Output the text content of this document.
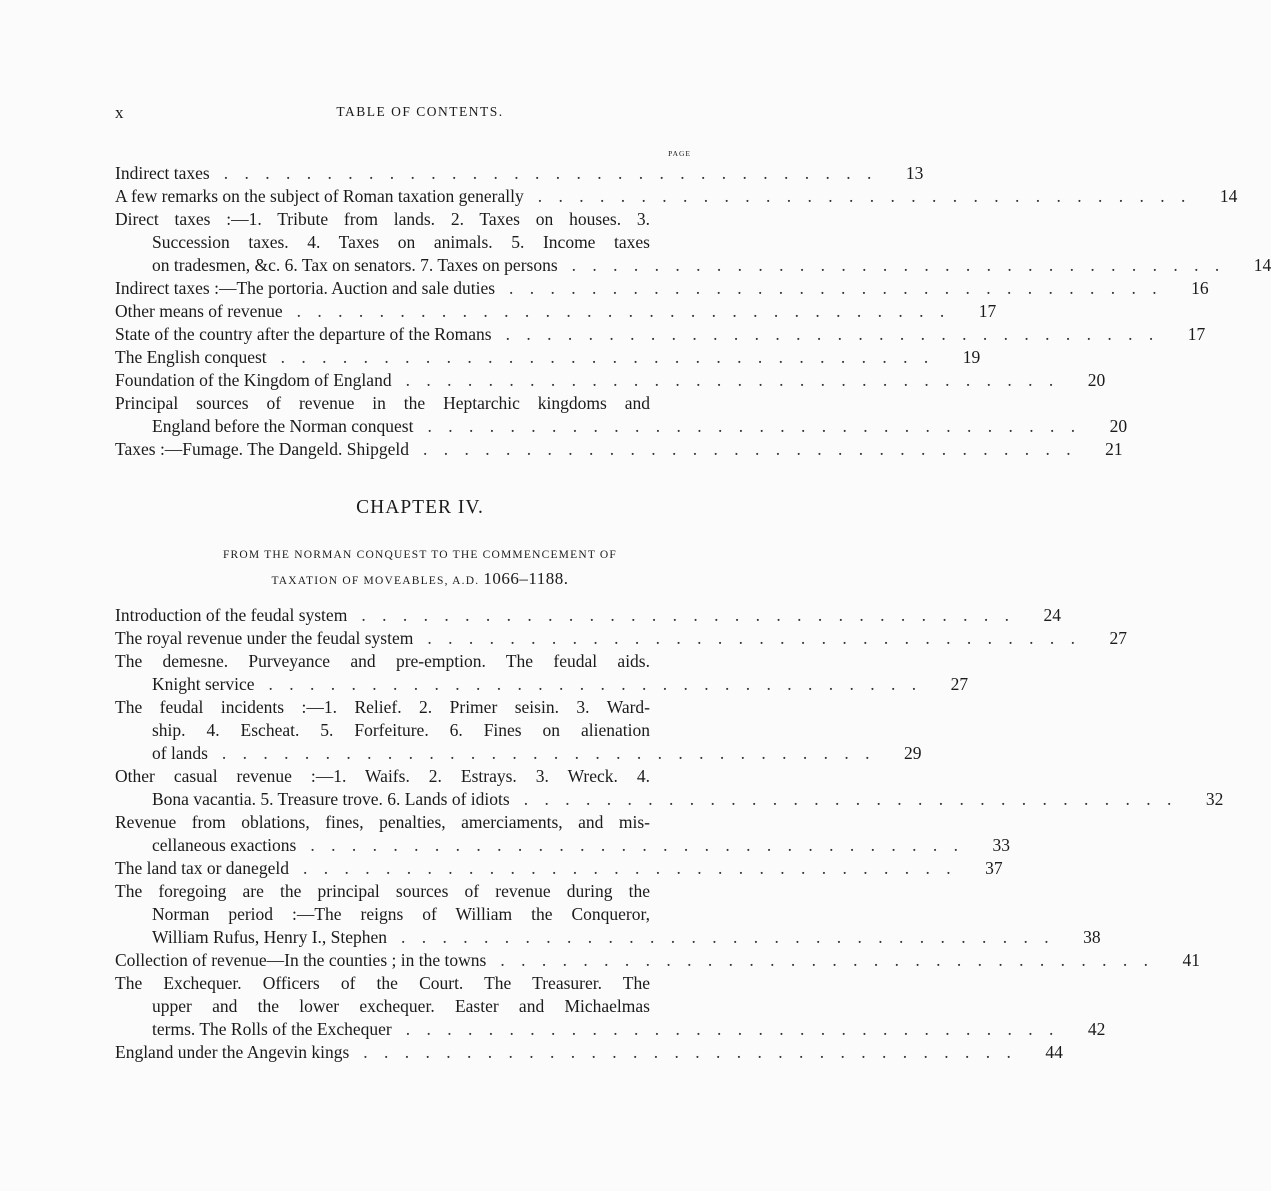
x	TABLE OF CONTENTS.
PAGE
Indirect taxes . . . . . . . . . . . . . . . . . . . . . . . . . . . . . . . .	13
A few remarks on the subject of Roman taxation generally . . . . . . . . . . . . . . . . . . . . . . . . . . . . . . . .	14
Direct taxes :—1. Tribute from lands. 2. Taxes on houses. 3.
Succession taxes. 4. Taxes on animals. 5. Income taxes
on tradesmen, &c. 6. Tax on senators. 7. Taxes on persons . . . . . . . . . . . . . . . . . . . . . . . . . . . . . . . .	14
Indirect taxes :—The portoria. Auction and sale duties . . . . . . . . . . . . . . . . . . . . . . . . . . . . . . . .	16
Other means of revenue . . . . . . . . . . . . . . . . . . . . . . . . . . . . . . . .	17
State of the country after the departure of the Romans . . . . . . . . . . . . . . . . . . . . . . . . . . . . . . . .	17
The English conquest . . . . . . . . . . . . . . . . . . . . . . . . . . . . . . . .	19
Foundation of the Kingdom of England . . . . . . . . . . . . . . . . . . . . . . . . . . . . . . . .	20
Principal sources of revenue in the Heptarchic kingdoms and
England before the Norman conquest . . . . . . . . . . . . . . . . . . . . . . . . . . . . . . . .	20
Taxes :—Fumage. The Dangeld. Shipgeld . . . . . . . . . . . . . . . . . . . . . . . . . . . . . . . .	21
CHAPTER IV.
FROM THE NORMAN CONQUEST TO THE COMMENCEMENT OF
TAXATION OF MOVEABLES, A.D. 1066–1188.
Introduction of the feudal system . . . . . . . . . . . . . . . . . . . . . . . . . . . . . . . .	24
The royal revenue under the feudal system . . . . . . . . . . . . . . . . . . . . . . . . . . . . . . . .	27
The demesne. Purveyance and pre-emption. The feudal aids.
Knight service . . . . . . . . . . . . . . . . . . . . . . . . . . . . . . . .	27
The feudal incidents :—1. Relief. 2. Primer seisin. 3. Ward-
ship. 4. Escheat. 5. Forfeiture. 6. Fines on alienation
of lands . . . . . . . . . . . . . . . . . . . . . . . . . . . . . . . .	29
Other casual revenue :—1. Waifs. 2. Estrays. 3. Wreck. 4.
Bona vacantia. 5. Treasure trove. 6. Lands of idiots . . . . . . . . . . . . . . . . . . . . . . . . . . . . . . . .	32
Revenue from oblations, fines, penalties, amerciaments, and mis-
cellaneous exactions . . . . . . . . . . . . . . . . . . . . . . . . . . . . . . . .	33
The land tax or danegeld . . . . . . . . . . . . . . . . . . . . . . . . . . . . . . . .	37
The foregoing are the principal sources of revenue during the
Norman period :—The reigns of William the Conqueror,
William Rufus, Henry I., Stephen . . . . . . . . . . . . . . . . . . . . . . . . . . . . . . . .	38
Collection of revenue—In the counties ; in the towns . . . . . . . . . . . . . . . . . . . . . . . . . . . . . . . .	41
The Exchequer. Officers of the Court. The Treasurer. The
upper and the lower exchequer. Easter and Michaelmas
terms. The Rolls of the Exchequer . . . . . . . . . . . . . . . . . . . . . . . . . . . . . . . .	42
England under the Angevin kings . . . . . . . . . . . . . . . . . . . . . . . . . . . . . . . .	44
